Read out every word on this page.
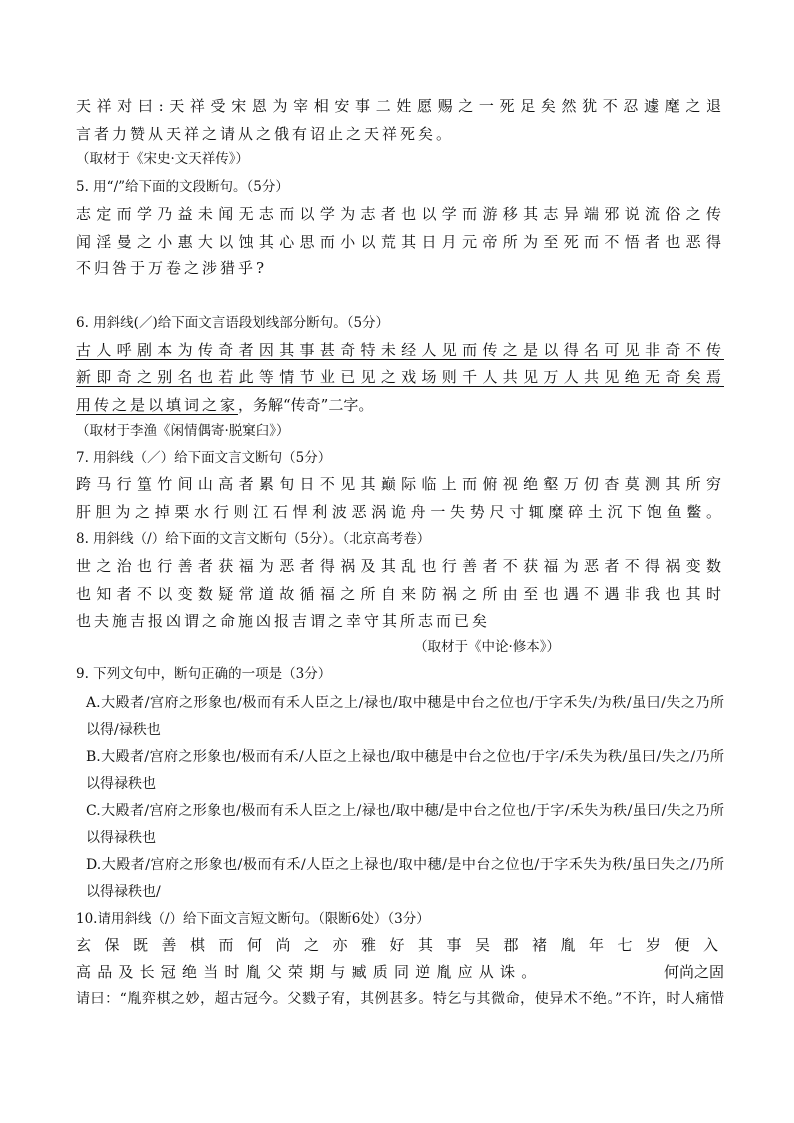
天祥对曰:天祥受宋恩为宰相安事二姓愿赐之一死足矣然犹不忍遽麾之退
言者力赞从天祥之请从之俄有诏止之天祥死矣。
（取材于《宋史·文天祥传》）
5. 用“/”给下面的文段断句。（5分）
志定而学乃益未闻无志而以学为志者也以学而游移其志异端邪说流俗之传
闻淫曼之小惠大以蚀其心思而小以荒其日月元帝所为至死而不悟者也恶得
不归咎于万卷之涉猎乎?
6. 用斜线(／)给下面文言语段划线部分断句。（5分）
古人呼剧本为传奇者因其事甚奇特未经人见而传之是以得名可见非奇不传
新即奇之别名也若此等情节业已见之戏场则千人共见万人共见绝无奇矣焉
用传之是以填词之家，务解“传奇”二字。
（取材于李渔《闲情偶寄·脱窠臼》）
7. 用斜线（／）给下面文言文断句（5分）
跨马行篁竹间山高者累旬日不见其巅际临上而俯视绝壑万仞杳莫测其所穷
肝胆为之掉栗水行则江石悍利波恶涡诡舟一失势尺寸辄糜碎土沉下饱鱼鳖。
8. 用斜线（/）给下面的文言文断句（5分）。（北京高考卷）
世之治也行善者获福为恶者得祸及其乱也行善者不获福为恶者不得祸变数
也知者不以变数疑常道故循福之所自来防祸之所由至也遇不遇非我也其时
也夫施吉报凶谓之命施凶报吉谓之幸守其所志而已矣
（取材于《中论·修本》）
9. 下列文句中，断句正确的一项是（3分）
A.大殿者/宫府之形象也/极而有禾人臣之上/禄也/取中穗是中台之位也/于字禾失/为秩/虽曰/失之乃所
以得/禄秩也
B.大殿者/宫府之形象也/极而有禾/人臣之上禄也/取中穗是中台之位也/于字/禾失为秩/虽曰/失之/乃所
以得禄秩也
C.大殿者/宫府之形象也/极而有禾人臣之上/禄也/取中穗/是中台之位也/于字/禾失为秩/虽曰/失之乃所
以得禄秩也
D.大殿者/宫府之形象也/极而有禾/人臣之上禄也/取中穗/是中台之位也/于字禾失为秩/虽曰失之/乃所
以得禄秩也/
10.请用斜线（/）给下面文言短文断句。（限断6处）（3分）
玄保既善棋而何尚之亦雅好其事吴郡褚胤年七岁便入
高品及长冠绝当时胤父荣期与臧质同逆胤应从诛。	何尚之固
请曰：“胤弈棋之妙，超古冠今。父戮子宥，其例甚多。特乞与其微命，使异术不绝。”不许，时人痛惜
